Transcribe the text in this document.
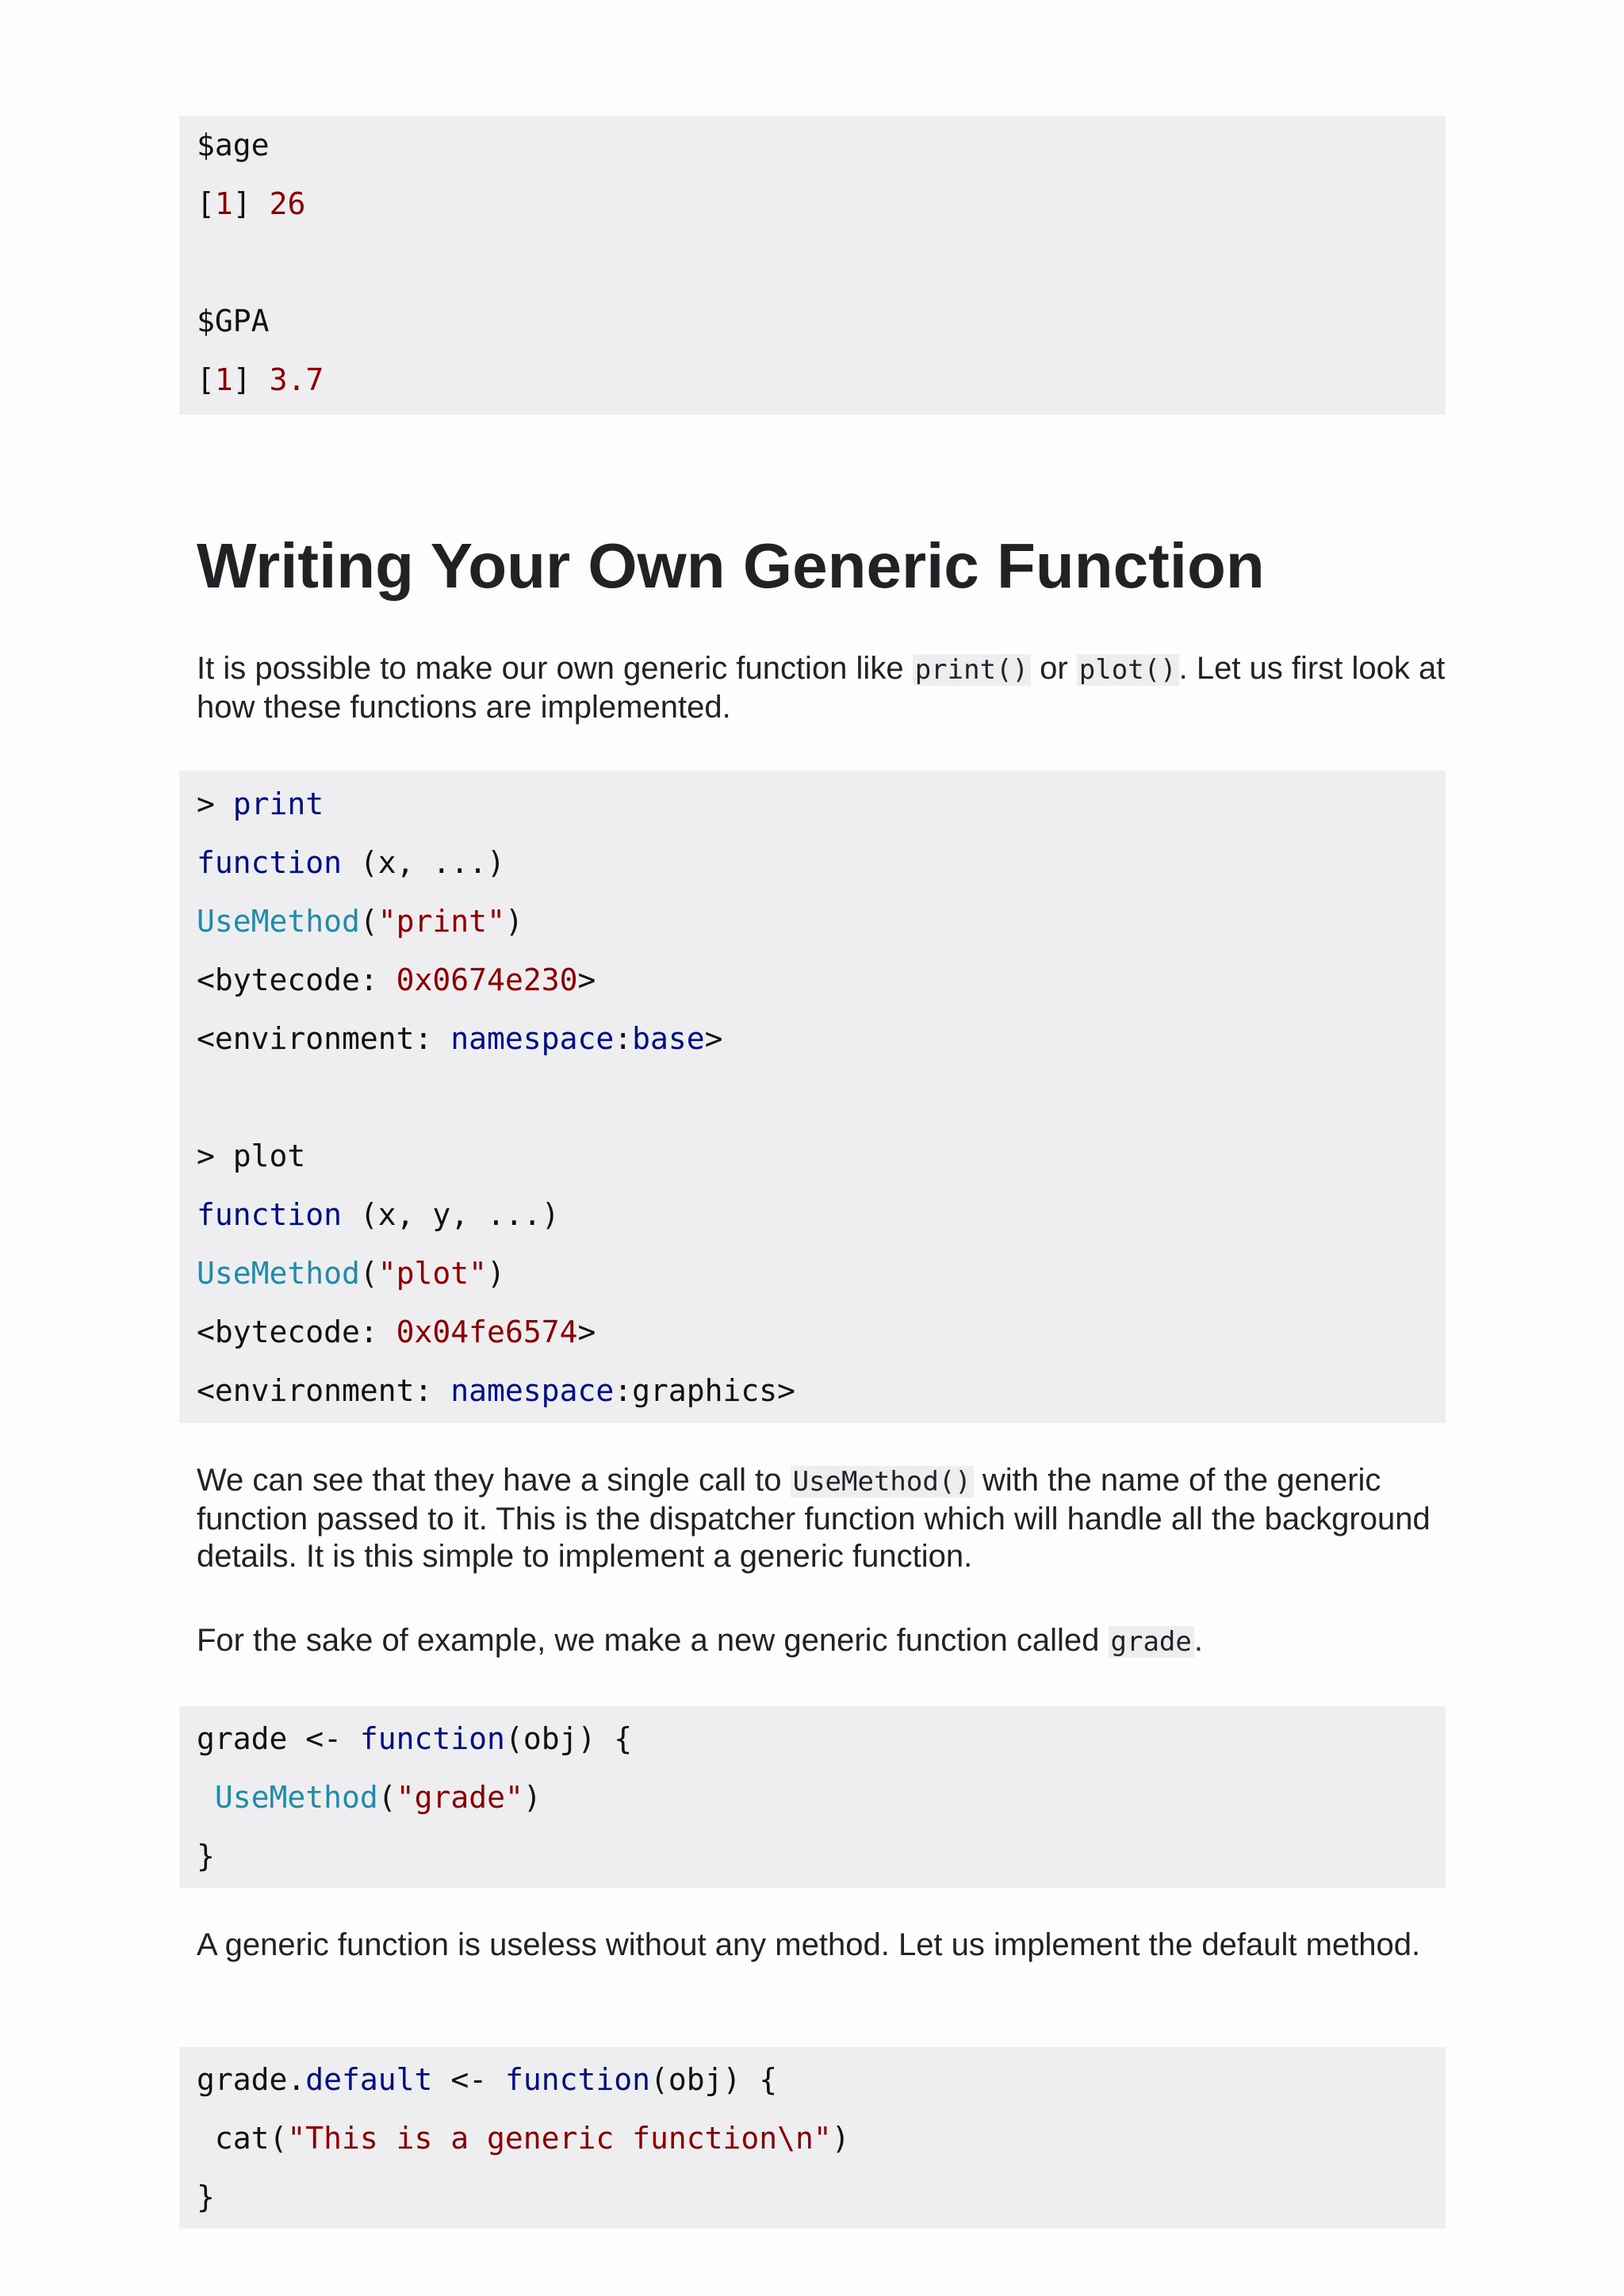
$age
[1] 26

$GPA
[1] 3.7
Writing Your Own Generic Function

It is possible to make our own generic function like print() or plot(). Let us first look at how these functions are implemented.

> print
function (x, ...)
UseMethod("print")
<bytecode: 0x0674e230>
<environment: namespace:base>

> plot
function (x, y, ...)
UseMethod("plot")
<bytecode: 0x04fe6574>
<environment: namespace:graphics>

We can see that they have a single call to UseMethod() with the name of the generic function passed to it. This is the dispatcher function which will handle all the background details. It is this simple to implement a generic function.

For the sake of example, we make a new generic function called grade.

grade <- function(obj) {
UseMethod("grade")
}

A generic function is useless without any method. Let us implement the default method.

grade.default <- function(obj) {
cat("This is a generic function\n")
}
